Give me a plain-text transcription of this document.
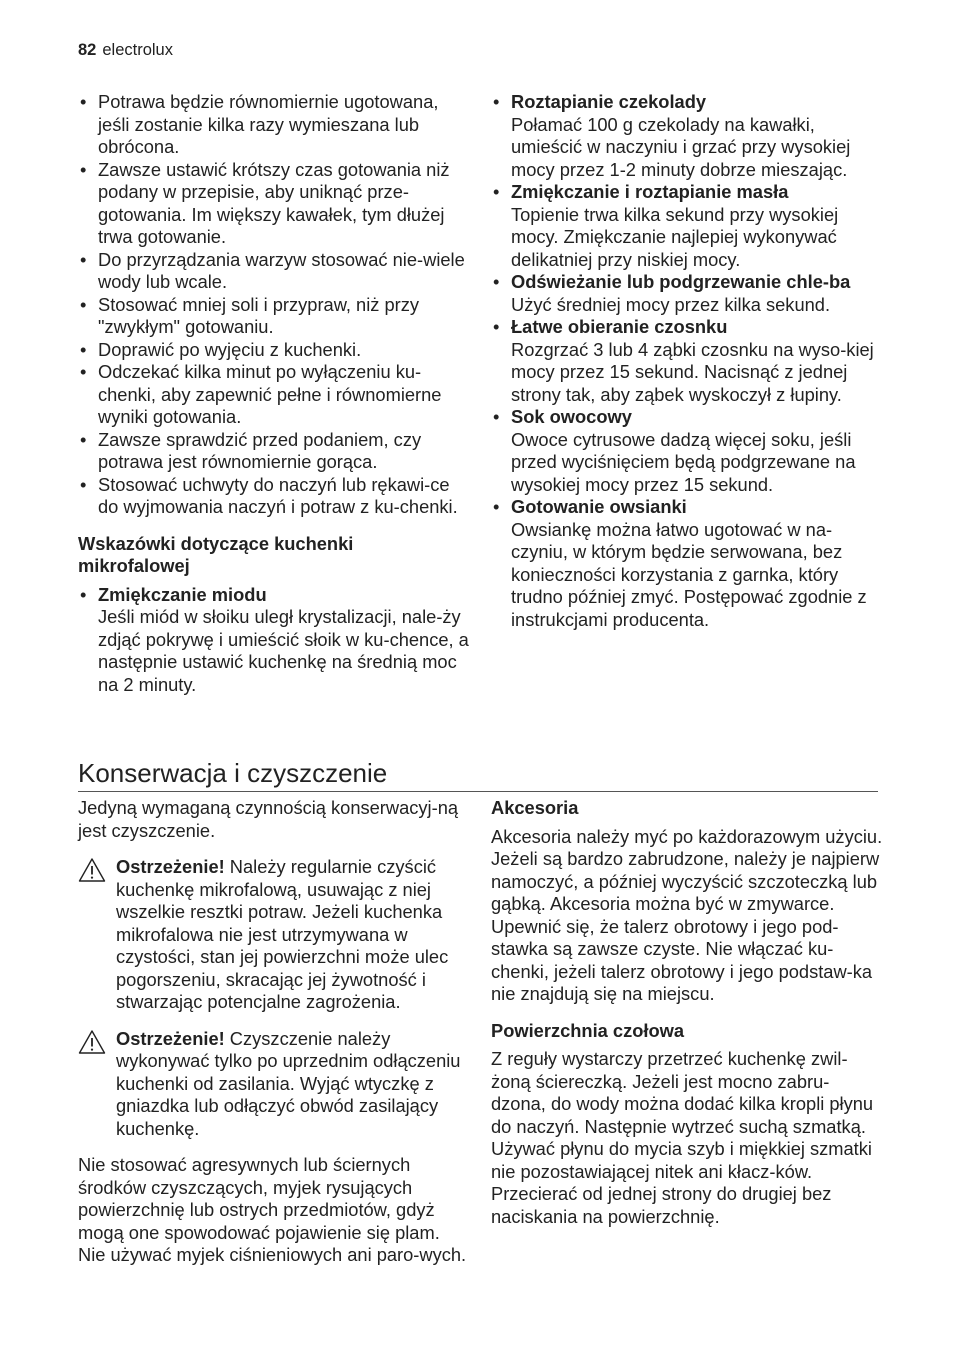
82 electrolux
• Potrawa będzie równomiernie ugotowana, jeśli zostanie kilka razy wymieszana lub obrócona.
• Zawsze ustawić krótszy czas gotowania niż podany w przepisie, aby uniknąć prze-gotowania. Im większy kawałek, tym dłużej trwa gotowanie.
• Do przyrządzania warzyw stosować nie-wiele wody lub wcale.
• Stosować mniej soli i przypraw, niż przy "zwykłym" gotowaniu.
• Doprawić po wyjęciu z kuchenki.
• Odczekać kilka minut po wyłączeniu ku-chenki, aby zapewnić pełne i równomierne wyniki gotowania.
• Zawsze sprawdzić przed podaniem, czy potrawa jest równomiernie gorąca.
• Stosować uchwyty do naczyń lub rękawi-ce do wyjmowania naczyń i potraw z ku-chenki.

Wskazówki dotyczące kuchenki mikrofalowej

• Zmiękczanie miodu
Jeśli miód w słoiku uległ krystalizacji, nale-ży zdjąć pokrywę i umieścić słoik w ku-chence, a następnie ustawić kuchenkę na średnią moc na 2 minuty.
• Roztapianie czekolady
Połamać 100 g czekolady na kawałki, umieścić w naczyniu i grzać przy wysokiej mocy przez 1-2 minuty dobrze mieszając.
• Zmiękczanie i roztapianie masła
Topienie trwa kilka sekund przy wysokiej mocy. Zmiękczanie najlepiej wykonywać delikatniej przy niskiej mocy.
• Odświeżanie lub podgrzewanie chle-ba
Użyć średniej mocy przez kilka sekund.
• Łatwe obieranie czosnku
Rozgrzać 3 lub 4 ząbki czosnku na wyso-kiej mocy przez 15 sekund. Nacisnąć z jednej strony tak, aby ząbek wyskoczył z łupiny.
• Sok owocowy
Owoce cytrusowe dadzą więcej soku, jeśli przed wyciśnięciem będą podgrzewane na wysokiej mocy przez 15 sekund.
• Gotowanie owsianki
Owsiankę można łatwo ugotować w na-czyniu, w którym będzie serwowana, bez konieczności korzystania z garnka, który trudno później zmyć. Postępować zgodnie z instrukcjami producenta.
Konserwacja i czyszczenie

Jedyną wymaganą czynnością konserwacyj-ną jest czyszczenie.

Ostrzeżenie! Należy regularnie czyścić kuchenkę mikrofalową, usuwając z niej wszelkie resztki potraw. Jeżeli kuchenka mikrofalowa nie jest utrzymywana w czystości, stan jej powierzchni może ulec pogorszeniu, skracając jej żywotność i stwarzając potencjalne zagrożenia.

Ostrzeżenie! Czyszczenie należy wykonywać tylko po uprzednim odłączeniu kuchenki od zasilania. Wyjąć wtyczkę z gniazdka lub odłączyć obwód zasilający kuchenkę.

Nie stosować agresywnych lub ściernych środków czyszczących, myjek rysujących powierzchnię lub ostrych przedmiotów, gdyż mogą one spowodować pojawienie się plam. Nie używać myjek ciśnieniowych ani paro-wych.

Akcesoria

Akcesoria należy myć po każdorazowym użyciu. Jeżeli są bardzo zabrudzone, należy je najpierw namoczyć, a później wyczyścić szczoteczką lub gąbką. Akcesoria można być w zmywarce.

Upewnić się, że talerz obrotowy i jego pod-stawka są zawsze czyste. Nie włączać ku-chenki, jeżeli talerz obrotowy i jego podstaw-ka nie znajdują się na miejscu.

Powierzchnia czołowa

Z reguły wystarczy przetrzeć kuchenkę zwil-żoną ściereczką. Jeżeli jest mocno zabru-dzona, do wody można dodać kilka kropli płynu do naczyń. Następnie wytrzeć suchą szmatką.

Używać płynu do mycia szyb i miękkiej szmatki nie pozostawiającej nitek ani kłacz-ków. Przecierać od jednej strony do drugiej bez naciskania na powierzchnię.
